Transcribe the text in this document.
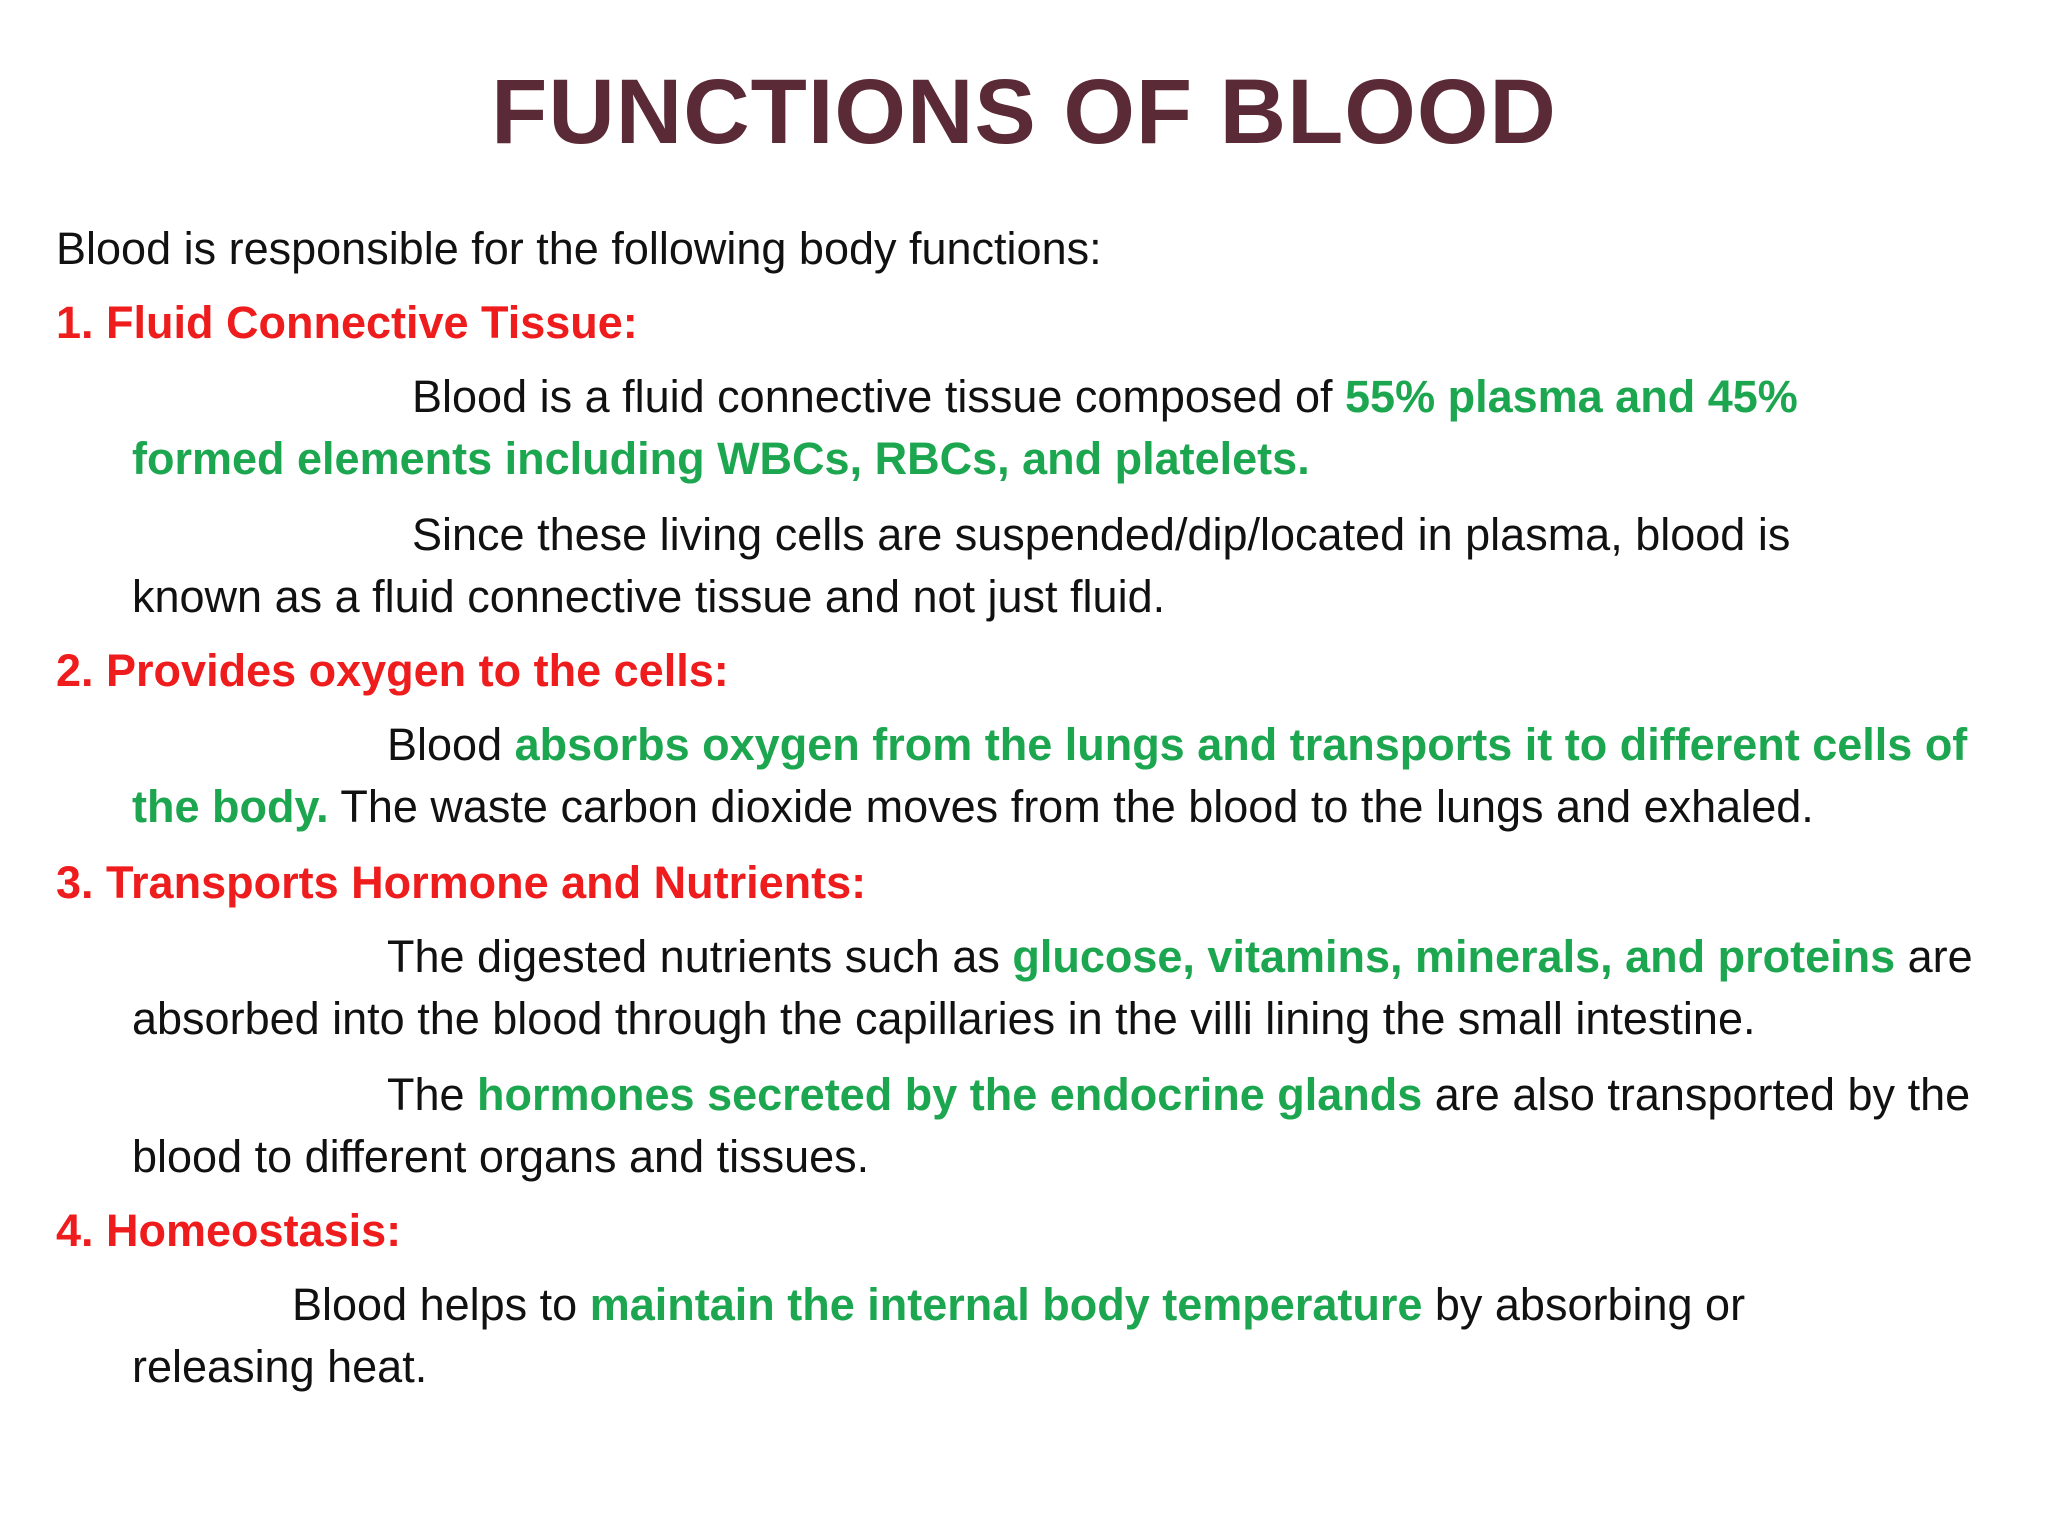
FUNCTIONS OF BLOOD
Blood is responsible for the following body functions:
1. Fluid Connective Tissue:
Blood is a fluid connective tissue composed of 55% plasma and 45%
formed elements including WBCs, RBCs, and platelets.
Since these living cells are suspended/dip/located in plasma, blood is
known as a fluid connective tissue and not just fluid.
2. Provides oxygen to the cells:
Blood absorbs oxygen from the lungs and transports it to different cells of
the body. The waste carbon dioxide moves from the blood to the lungs and exhaled.
3. Transports Hormone and Nutrients:
The digested nutrients such as glucose, vitamins, minerals, and proteins are
absorbed into the blood through the capillaries in the villi lining the small intestine.
The hormones secreted by the endocrine glands are also transported by the
blood to different organs and tissues.
4. Homeostasis:
Blood helps to maintain the internal body temperature by absorbing or
releasing heat.
